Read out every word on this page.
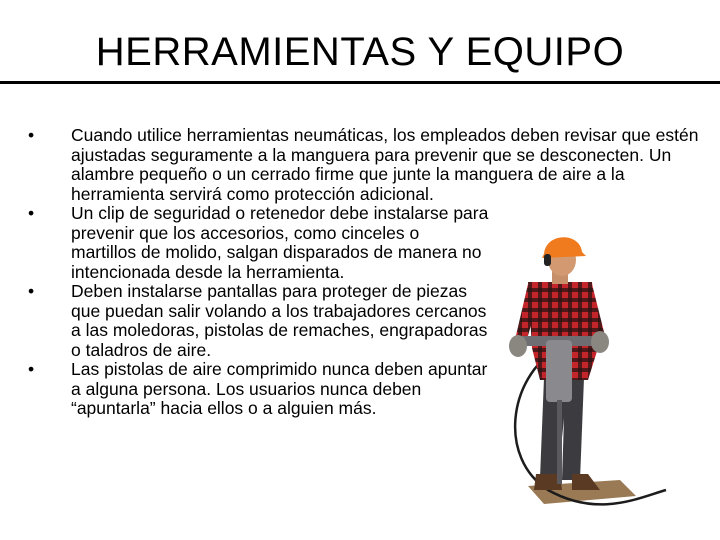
HERRAMIENTAS Y EQUIPO
• Cuando utilice herramientas neumáticas, los empleados deben revisar que estén ajustadas seguramente a la manguera para prevenir que se desconecten. Un alambre pequeño o un cerrado firme que junte la manguera de aire a la herramienta servirá como protección adicional.
• Un clip de seguridad o retenedor debe instalarse para prevenir que los accesorios, como cinceles o martillos de molido, salgan disparados de manera no intencionada desde la herramienta.
• Deben instalarse pantallas para proteger de piezas que puedan salir volando a los trabajadores cercanos a las moledoras, pistolas de remaches, engrapadoras o taladros de aire.
• Las pistolas de aire comprimido nunca deben apuntar a alguna persona. Los usuarios nunca deben “apuntarla” hacia ellos o a alguien más.
